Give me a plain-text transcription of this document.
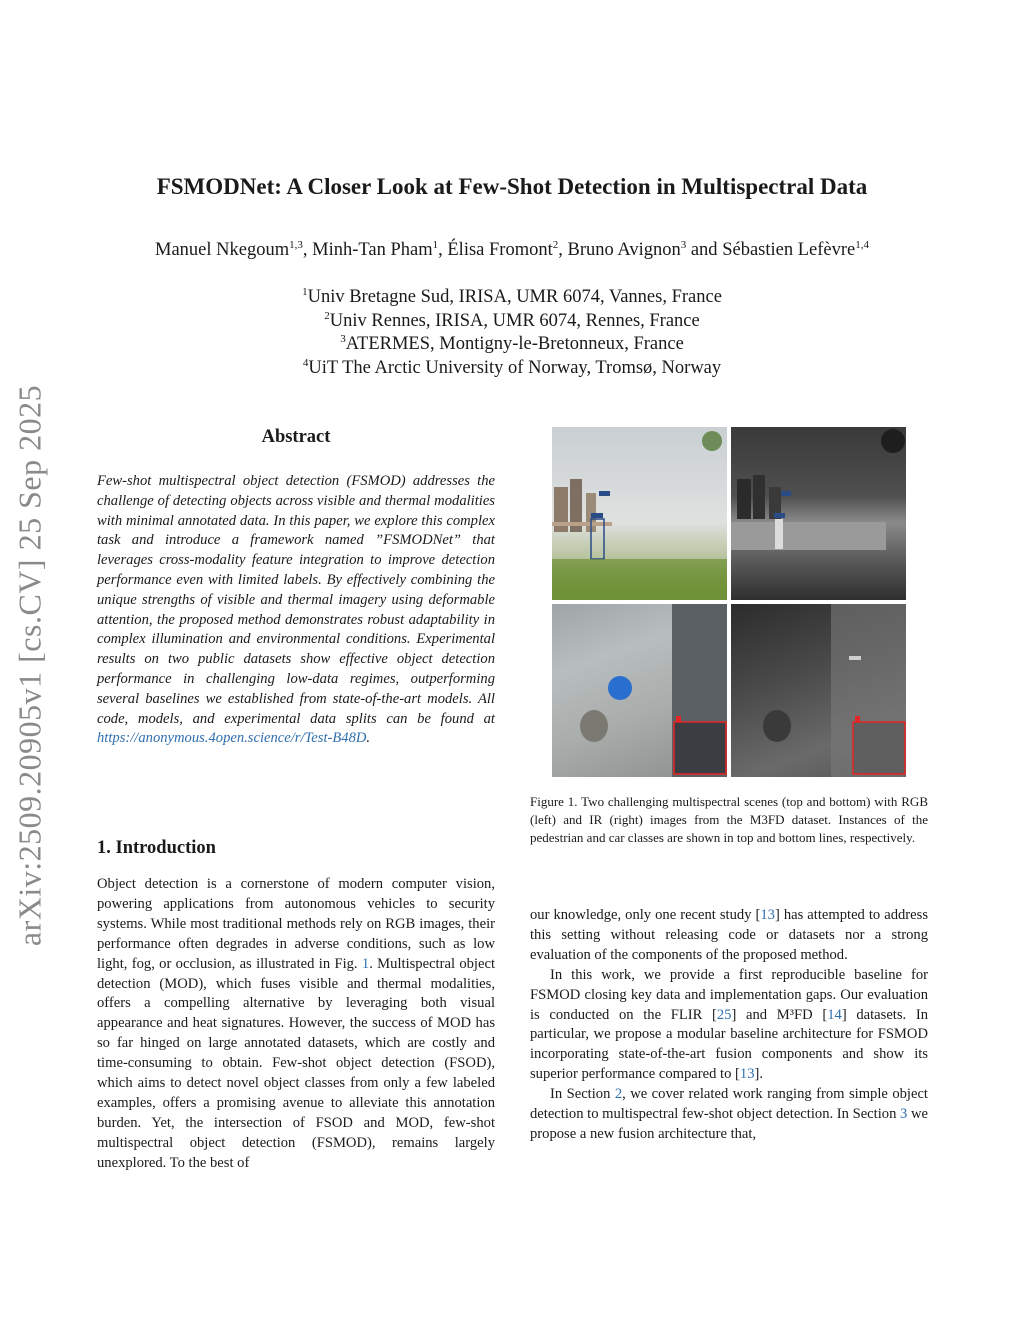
arXiv:2509.20905v1 [cs.CV] 25 Sep 2025
FSMODNet: A Closer Look at Few-Shot Detection in Multispectral Data
Manuel Nkegoum$^{1,3}$, Minh-Tan Pham$^1$, Élisa Fromont$^2$, Bruno Avignon$^3$ and Sébastien Lefèvre$^{1,4}$
$^1$Univ Bretagne Sud, IRISA, UMR 6074, Vannes, France
$^2$Univ Rennes, IRISA, UMR 6074, Rennes, France
$^3$ATERMES, Montigny-le-Bretonneux, France
$^4$UiT The Arctic University of Norway, Tromsø, Norway
Abstract
Few-shot multispectral object detection (FSMOD) addresses the challenge of detecting objects across visible and thermal modalities with minimal annotated data. In this paper, we explore this complex task and introduce a framework named ”FSMODNet” that leverages cross-modality feature integration to improve detection performance even with limited labels. By effectively combining the unique strengths of visible and thermal imagery using deformable attention, the proposed method demonstrates robust adaptability in complex illumination and environmental conditions. Experimental results on two public datasets show effective object detection performance in challenging low-data regimes, outperforming several baselines we established from state-of-the-art models. All code, models, and experimental data splits can be found at https://anonymous.4open.science/r/Test-B48D.
1. Introduction

Object detection is a cornerstone of modern computer vision, powering applications from autonomous vehicles to security systems. While most traditional methods rely on RGB images, their performance often degrades in adverse conditions, such as low light, fog, or occlusion, as illustrated in Fig. 1. Multispectral object detection (MOD), which fuses visible and thermal modalities, offers a compelling alternative by leveraging both visual appearance and heat signatures. However, the success of MOD has so far hinged on large annotated datasets, which are costly and time-consuming to obtain. Few-shot object detection (FSOD), which aims to detect novel object classes from only a few labeled examples, offers a promising avenue to alleviate this annotation burden. Yet, the intersection of FSOD and MOD, few-shot multispectral object detection (FSMOD), remains largely unexplored. To the best of

Figure 1. Two challenging multispectral scenes (top and bottom) with RGB (left) and IR (right) images from the M3FD dataset. Instances of the pedestrian and car classes are shown in top and bottom lines, respectively.

our knowledge, only one recent study [13] has attempted to address this setting without releasing code or datasets nor a strong evaluation of the components of the proposed method.

In this work, we provide a first reproducible baseline for FSMOD closing key data and implementation gaps. Our evaluation is conducted on the FLIR [25] and M³FD [14] datasets. In particular, we propose a modular baseline architecture for FSMOD incorporating state-of-the-art fusion components and show its superior performance compared to [13].

In Section 2, we cover related work ranging from simple object detection to multispectral few-shot object detection. In Section 3 we propose a new fusion architecture that,
